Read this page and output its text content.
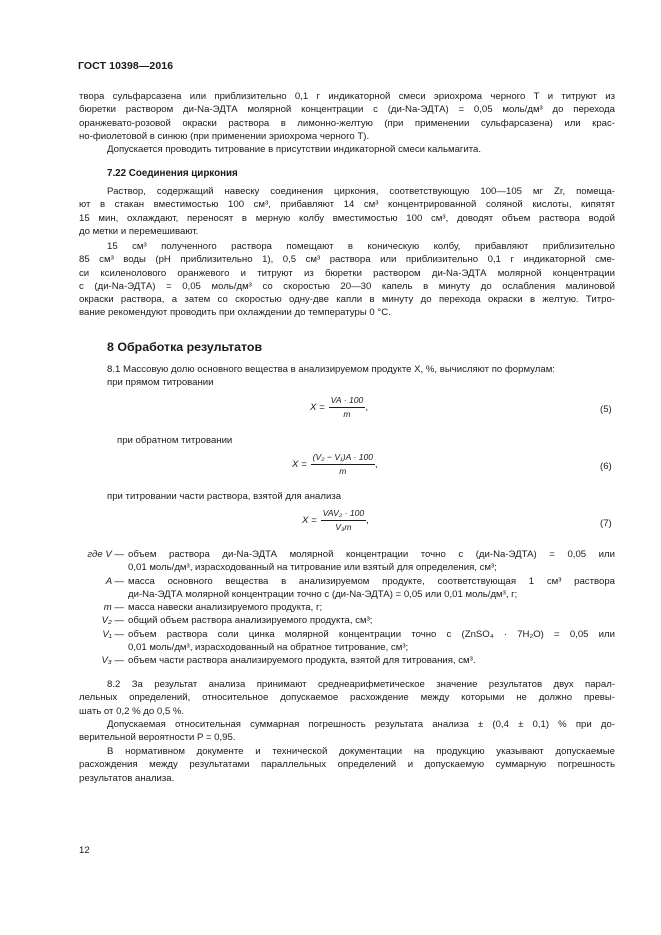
ГОСТ 10398—2016
твора сульфарсазена или приблизительно 0,1 г индикаторной смеси эриохрома черного Т и титруют из
бюретки раствором ди-Na-ЭДТА молярной концентрации c (ди-Na-ЭДТА) = 0,05 моль/дм³ до перехода
оранжевато-розовой окраски раствора в лимонно-желтую (при применении сульфарсазена) или крас-
но-фиолетовой в синюю (при применении эриохрома черного Т).
Допускается проводить титрование в присутствии индикаторной смеси кальмагита.
7.22 Соединения циркония
Раствор, содержащий навеску соединения циркония, соответствующую 100—105 мг Zr, помеща-
ют в стакан вместимостью 100 см³, прибавляют 14 см³ концентрированной соляной кислоты, кипятят
15 мин, охлаждают, переносят в мерную колбу вместимостью 100 см³, доводят объем раствора водой
до метки и перемешивают.
15 см³ полученного раствора помещают в коническую колбу, прибавляют приблизительно
85 см³ воды (рН приблизительно 1), 0,5 см³ раствора или приблизительно 0,1 г индикаторной сме-
си ксиленолового оранжевого и титруют из бюретки раствором ди-Na-ЭДТА молярной концентрации
c (ди-Na-ЭДТА) = 0,05 моль/дм³ со скоростью 20—30 капель в минуту до ослабления малиновой
окраски раствора, а затем со скоростью одну-две капли в минуту до перехода окраски в желтую. Титро-
вание рекомендуют проводить при охлаждении до температуры 0 °С.
8 Обработка результатов
8.1 Массовую долю основного вещества в анализируемом продукте X, %, вычисляют по формулам:
при прямом титровании
$X = \frac{VA \cdot 100}{m}$ ,	(5)
при обратном титровании
$X = \frac{\text{(V₂ − V₁)A · 100}}{m}$ ,	(6)
при титровании части раствора, взятой для анализа
$X = \frac{\text{VAV₂ · 100}}{\text{V₃m}}$ ,	(7)
где V — объем раствора ди-Na-ЭДТА молярной концентрации точно c (ди-Na-ЭДТА) = 0,05 или
0,01 моль/дм³, израсходованный на титрование или взятый для определения, см³;
A — масса основного вещества в анализируемом продукте, соответствующая 1 см³ раствора
ди-Na-ЭДТА молярной концентрации точно c (ди-Na-ЭДТА) = 0,05 или 0,01 моль/дм³, г;
m — масса навески анализируемого продукта, г;
V₂ — общий объем раствора анализируемого продукта, см³;
V₁ — объем раствора соли цинка молярной концентрации точно c (ZnSO₄ · 7H₂O) = 0,05 или
0,01 моль/дм³, израсходованный на обратное титрование, см³;
V₃ — объем части раствора анализируемого продукта, взятой для титрования, см³.
8.2 За результат анализа принимают среднеарифметическое значение результатов двух парал-
лельных определений, относительное допускаемое расхождение между которыми не должно превы-
шать от 0,2 % до 0,5 %.
Допускаемая относительная суммарная погрешность результата анализа ± (0,4 ± 0,1) % при до-
верительной вероятности P = 0,95.
В нормативном документе и технической документации на продукцию указывают допускаемые
расхождения между результатами параллельных определений и допускаемую суммарную погрешность
результатов анализа.
12
